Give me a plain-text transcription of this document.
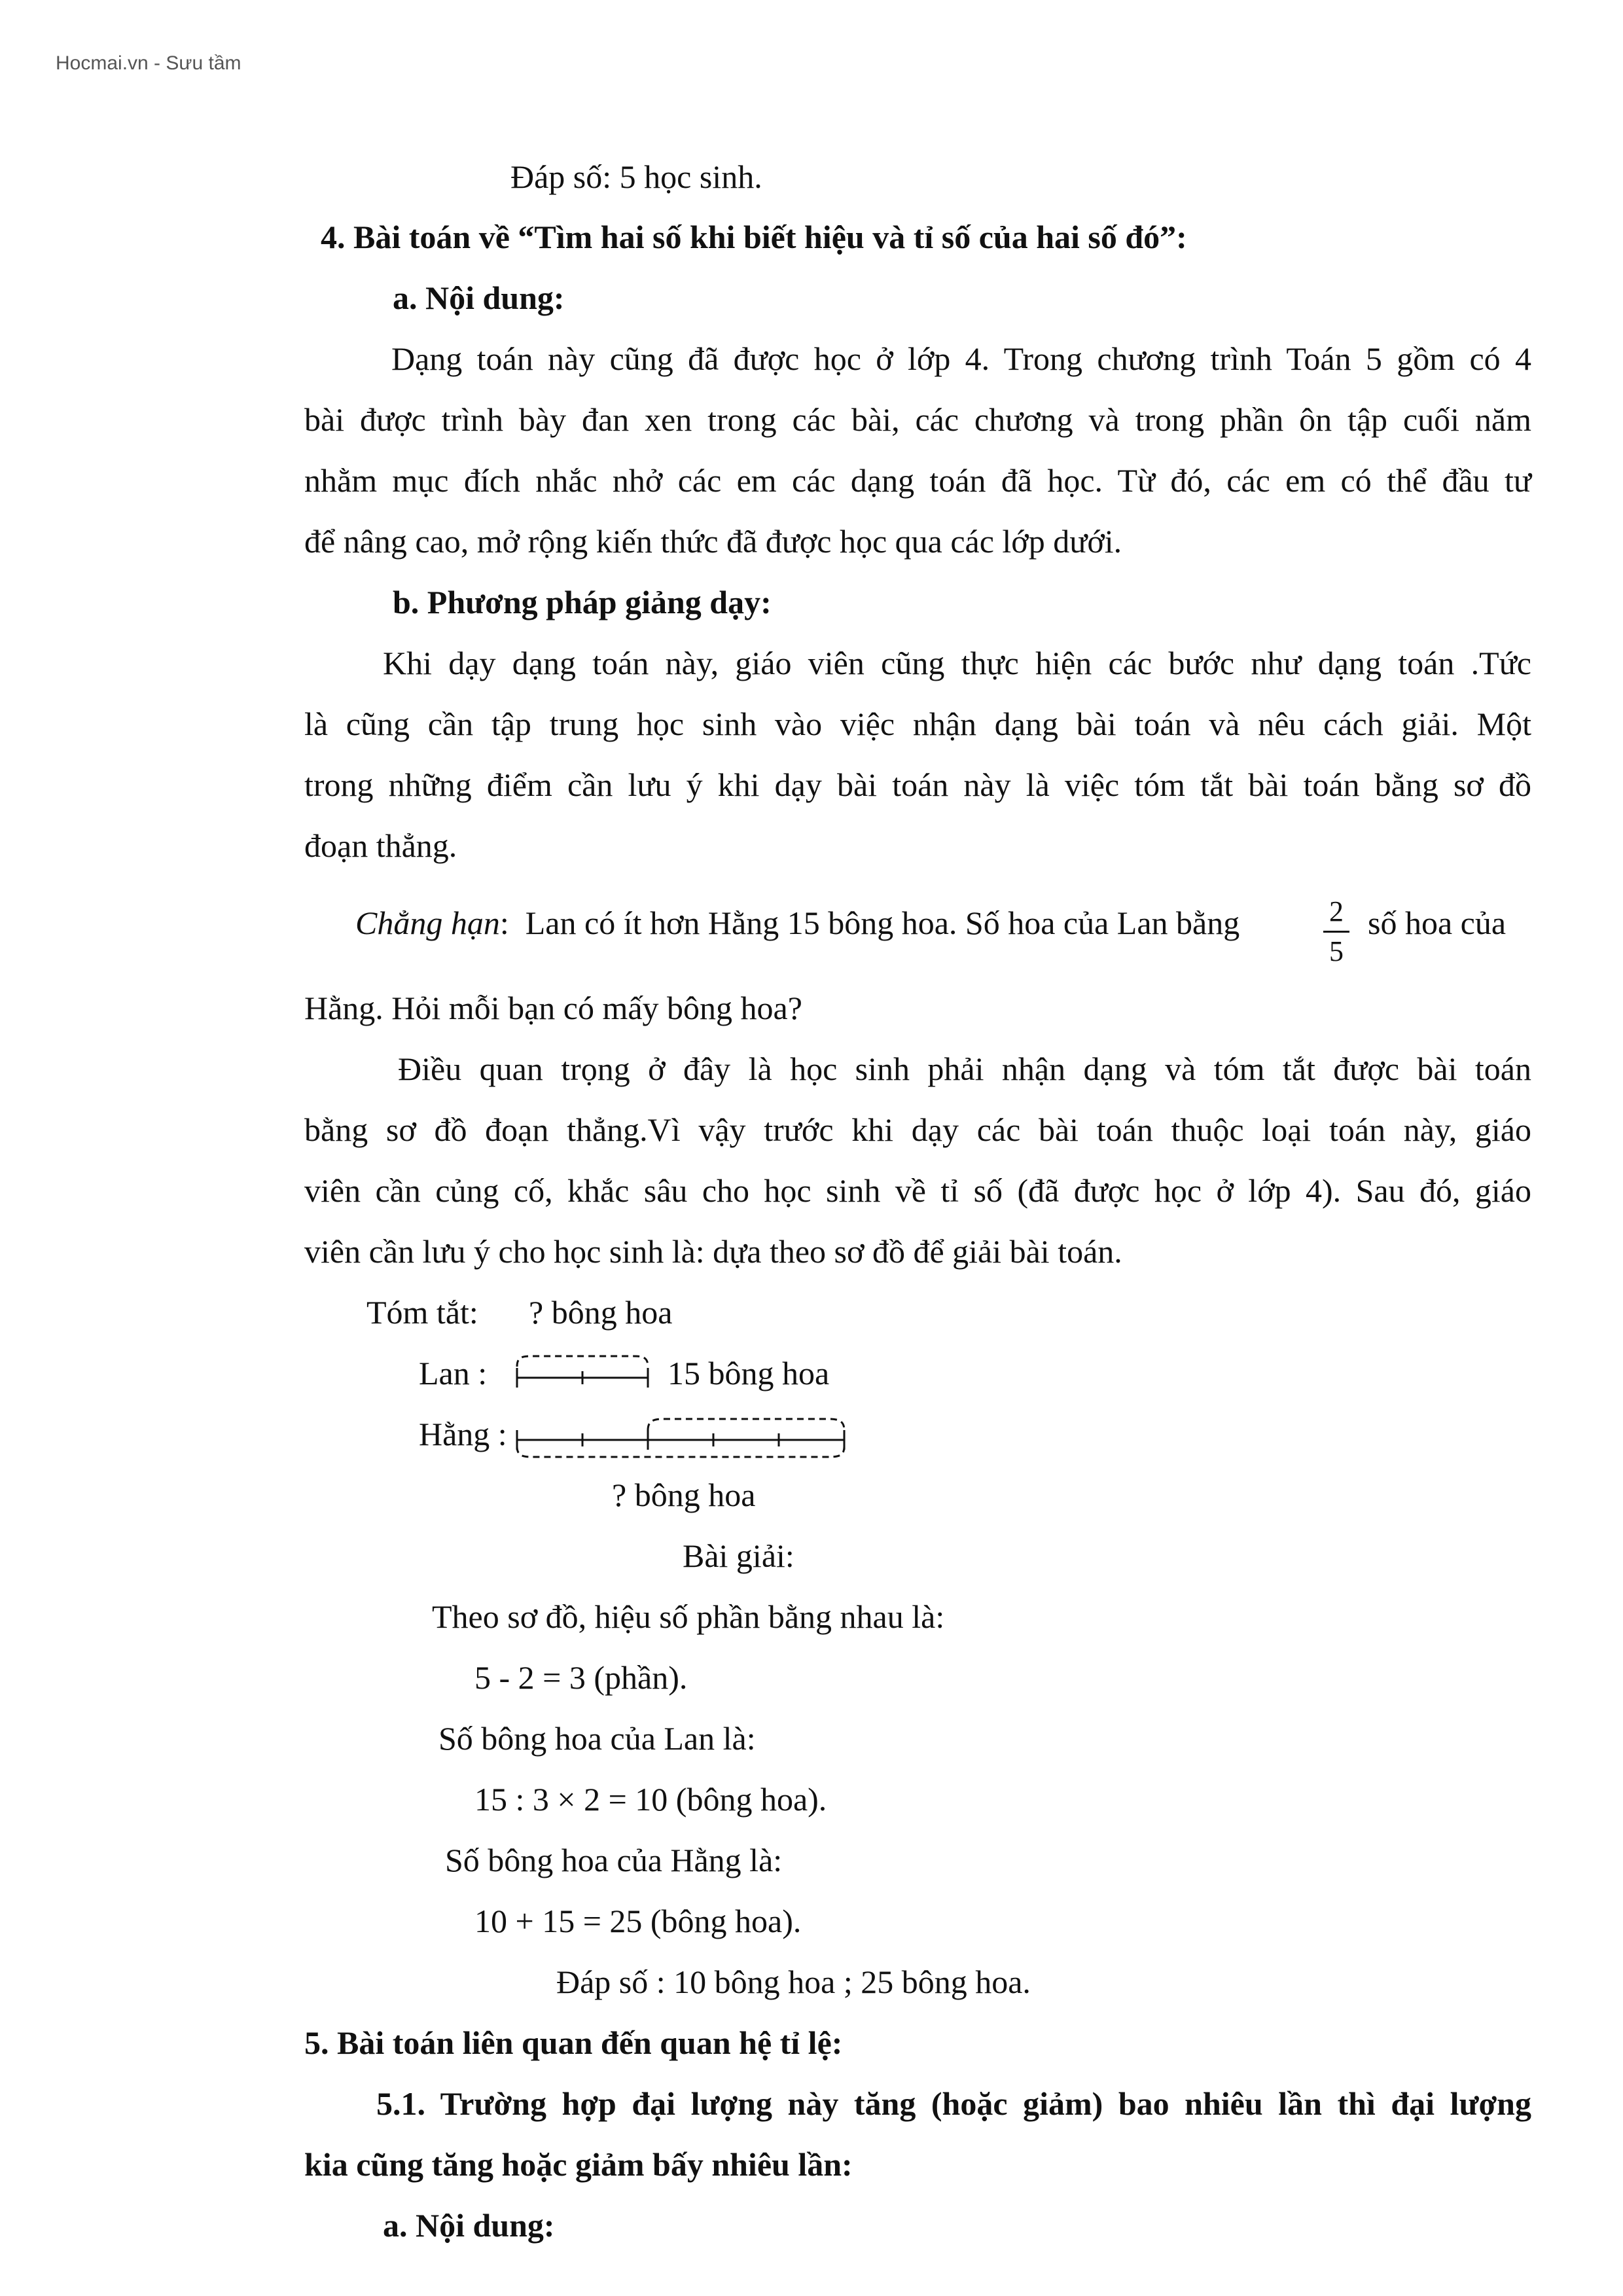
Hocmai.vn - Sưu tầm
Đáp số: 5 học sinh.
4. Bài toán về “Tìm hai số khi biết hiệu và tỉ số của hai số đó”:
a. Nội dung:
Dạng toán này cũng đã được học ở lớp 4. Trong chương trình Toán 5 gồm có 4
bài được trình bày đan xen trong các bài, các chương và trong phần ôn tập cuối năm
nhằm mục đích nhắc nhở các em các dạng toán đã học. Từ đó, các em có thể đầu tư
để nâng cao, mở rộng kiến thức đã được học qua các lớp dưới.
b. Phương pháp giảng dạy:
Khi dạy dạng toán này, giáo viên cũng thực hiện các bước như dạng toán .Tức
là cũng cần tập trung học sinh vào việc nhận dạng bài toán và nêu cách giải. Một
trong những điểm cần lưu ý khi dạy bài toán này là việc tóm tắt bài toán bằng sơ đồ
đoạn thẳng.
Chẳng hạn: Lan có ít hơn Hằng 15 bông hoa. Số hoa của Lan bằng	2
5
số hoa của
Hằng. Hỏi mỗi bạn có mấy bông hoa?
Điều quan trọng ở đây là học sinh phải nhận dạng và tóm tắt được bài toán
bằng sơ đồ đoạn thẳng.Vì vậy trước khi dạy các bài toán thuộc loại toán này, giáo
viên cần củng cố, khắc sâu cho học sinh về tỉ số (đã được học ở lớp 4). Sau đó, giáo
viên cần lưu ý cho học sinh là: dựa theo sơ đồ để giải bài toán.
Tóm tắt: ? bông hoa
Lan :	15 bông hoa
Hằng :
? bông hoa
Bài giải:
Theo sơ đồ, hiệu số phần bằng nhau là:
5 - 2 = 3 (phần).
Số bông hoa của Lan là:
15 : 3 × 2 = 10 (bông hoa).
Số bông hoa của Hằng là:
10 + 15 = 25 (bông hoa).
Đáp số : 10 bông hoa ; 25 bông hoa.
5. Bài toán liên quan đến quan hệ tỉ lệ:
5.1. Trường hợp đại lượng này tăng (hoặc giảm) bao nhiêu lần thì đại lượng
kia cũng tăng hoặc giảm bấy nhiêu lần:
a. Nội dung:
